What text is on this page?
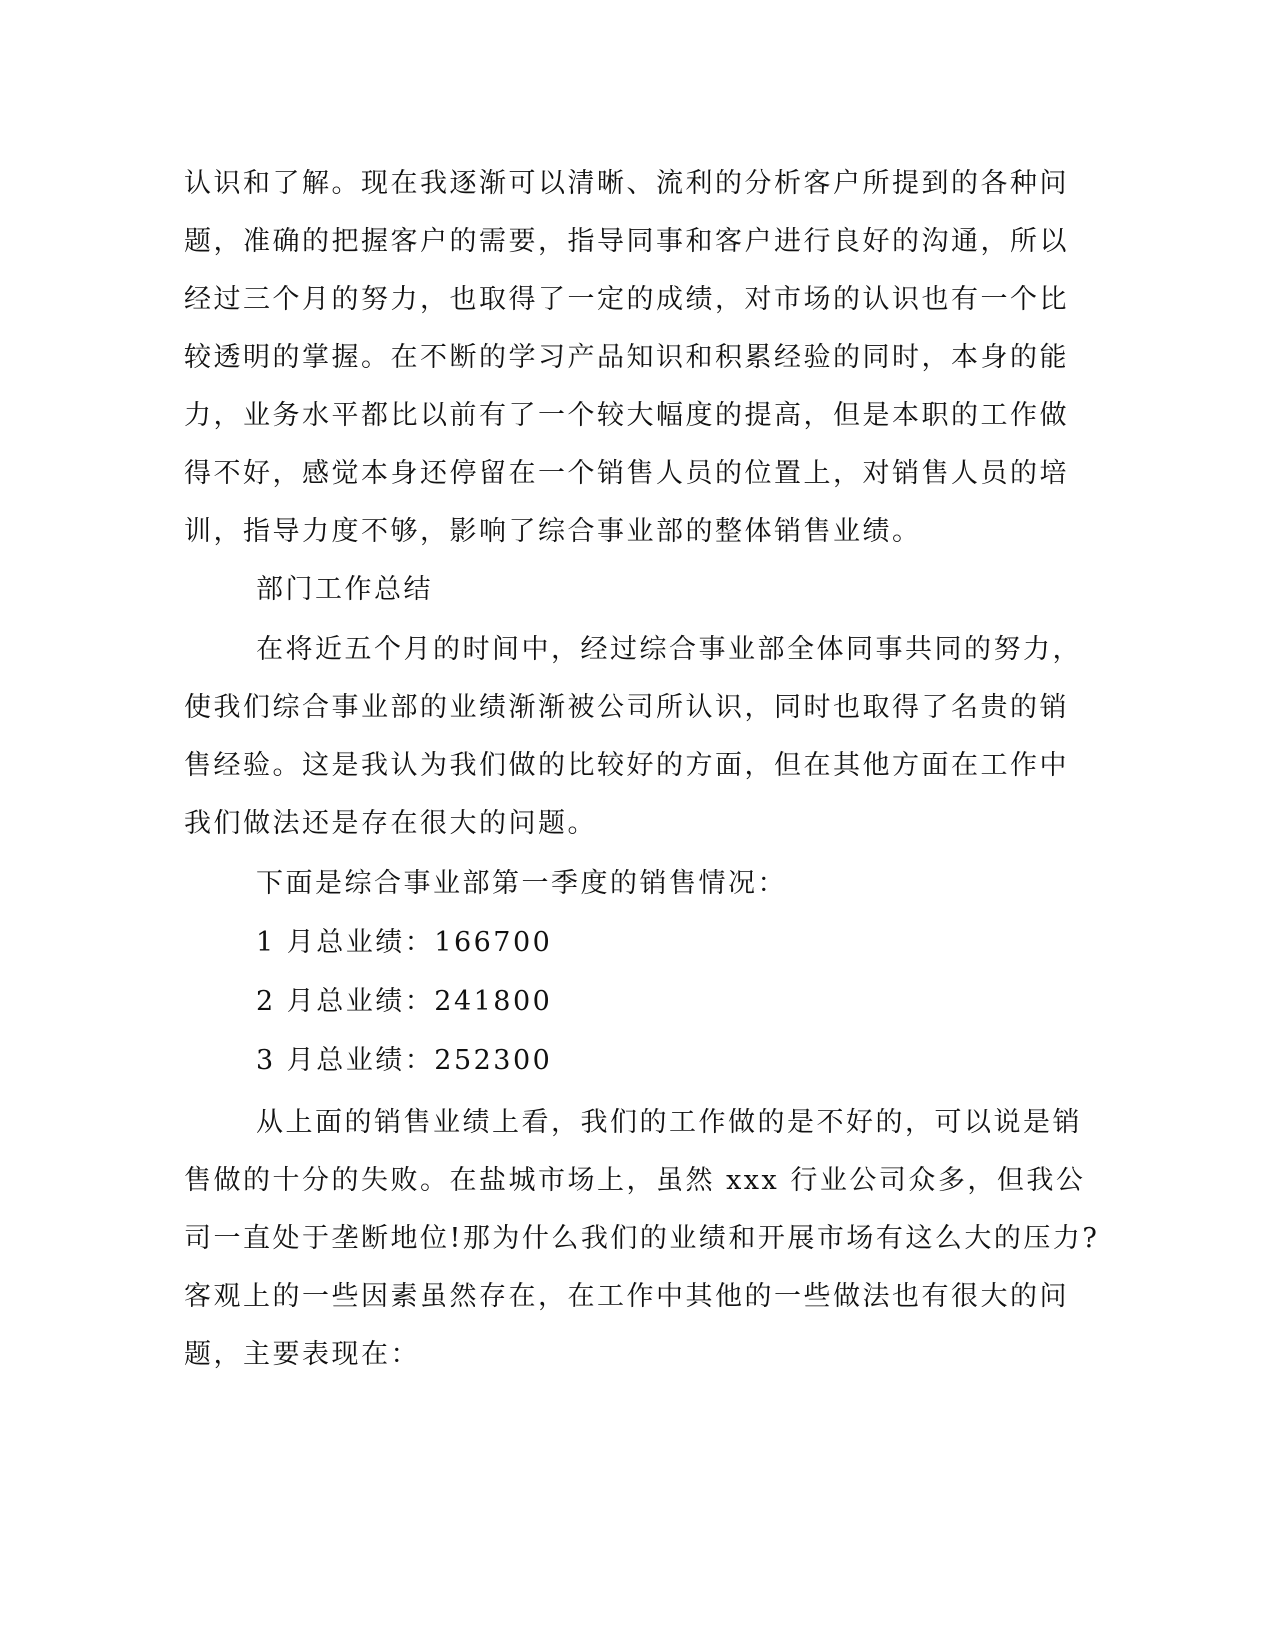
认识和了解。现在我逐渐可以清晰、流利的分析客户所提到的各种问
题，准确的把握客户的需要，指导同事和客户进行良好的沟通，所以
经过三个月的努力，也取得了一定的成绩，对市场的认识也有一个比
较透明的掌握。在不断的学习产品知识和积累经验的同时，本身的能
力，业务水平都比以前有了一个较大幅度的提高，但是本职的工作做
得不好，感觉本身还停留在一个销售人员的位置上，对销售人员的培
训，指导力度不够，影响了综合事业部的整体销售业绩。
部门工作总结
在将近五个月的时间中，经过综合事业部全体同事共同的努力，
使我们综合事业部的业绩渐渐被公司所认识，同时也取得了名贵的销
售经验。这是我认为我们做的比较好的方面，但在其他方面在工作中
我们做法还是存在很大的问题。
下面是综合事业部第一季度的销售情况：
1 月总业绩：166700
2 月总业绩：241800
3 月总业绩：252300
从上面的销售业绩上看，我们的工作做的是不好的，可以说是销
售做的十分的失败。在盐城市场上，虽然 xxx 行业公司众多，但我公
司一直处于垄断地位!那为什么我们的业绩和开展市场有这么大的压力?
客观上的一些因素虽然存在，在工作中其他的一些做法也有很大的问
题，主要表现在：
